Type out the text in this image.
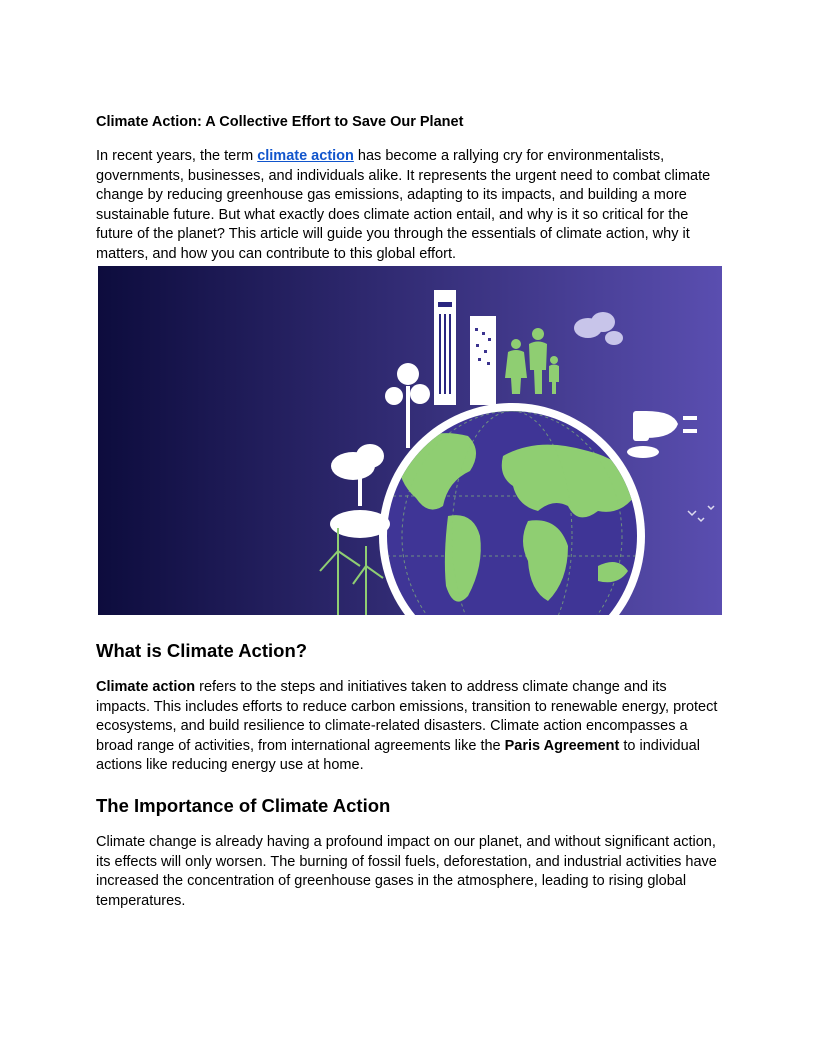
Climate Action: A Collective Effort to Save Our Planet

In recent years, the term climate action has become a rallying cry for environmentalists, governments, businesses, and individuals alike. It represents the urgent need to combat climate change by reducing greenhouse gas emissions, adapting to its impacts, and building a more sustainable future. But what exactly does climate action entail, and why is it so critical for the future of the planet? This article will guide you through the essentials of climate action, why it matters, and how you can contribute to this global effort.

What is Climate Action?

Climate action refers to the steps and initiatives taken to address climate change and its impacts. This includes efforts to reduce carbon emissions, transition to renewable energy, protect ecosystems, and build resilience to climate-related disasters. Climate action encompasses a broad range of activities, from international agreements like the Paris Agreement to individual actions like reducing energy use at home.

The Importance of Climate Action

Climate change is already having a profound impact on our planet, and without significant action, its effects will only worsen. The burning of fossil fuels, deforestation, and industrial activities have increased the concentration of greenhouse gases in the atmosphere, leading to rising global temperatures.
